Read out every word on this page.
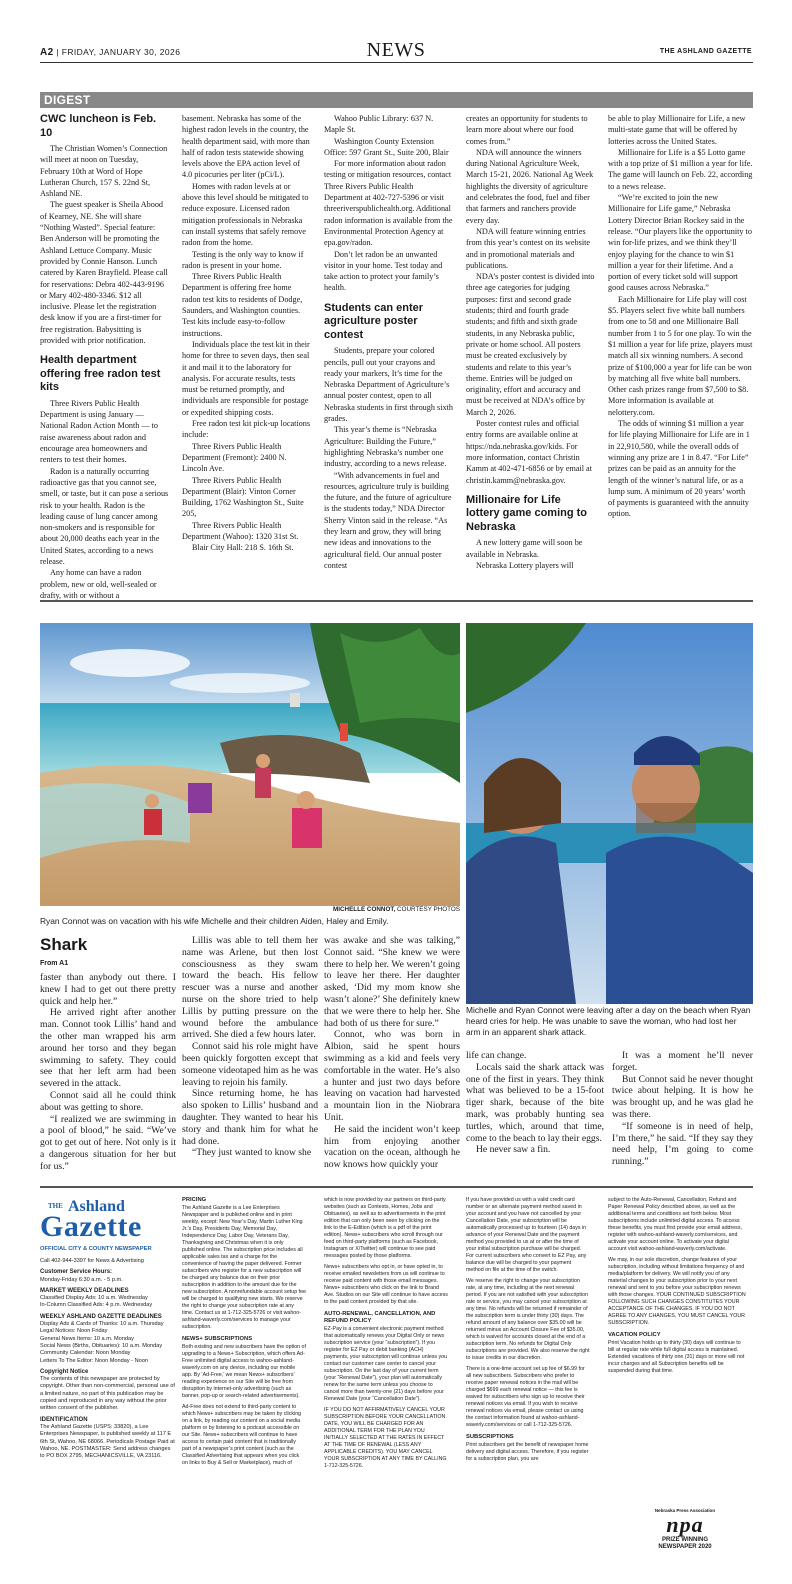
A2 | FRIDAY, JANUARY 30, 2026	NEWS	THE ASHLAND GAZETTE
DIGEST
CWC luncheon is Feb. 10

The Christian Women’s Connection will meet at noon on Tuesday, February 10th at Word of Hope Lutheran Church, 157 S. 22nd St, Ashland NE.

The guest speaker is Sheila Abood of Kearney, NE. She will share “Nothing Wasted”. Special feature: Ben Anderson will be promoting the Ashland Lettuce Company. Music provided by Connie Hanson. Lunch catered by Karen Brayfield. Please call for reservations: Debra 402-443-9196 or Mary 402-480-3346. $12 all inclusive. Please let the registration desk know if you are a first-timer for free registration. Babysitting is provided with prior notification.

Health department offering free radon test kits

Three Rivers Public Health Department is using January — National Radon Action Month — to raise awareness about radon and encourage area homeowners and renters to test their homes.

Radon is a naturally occurring radioactive gas that you cannot see, smell, or taste, but it can pose a serious risk to your health. Radon is the leading cause of lung cancer among non-smokers and is responsible for about 20,000 deaths each year in the United States, according to a news release.

Any home can have a radon problem, new or old, well-sealed or drafty, with or without a

basement. Nebraska has some of the highest radon levels in the country, the health department said, with more than half of radon tests statewide showing levels above the EPA action level of 4.0 picocuries per liter (pCi/L).

Homes with radon levels at or above this level should be mitigated to reduce exposure. Licensed radon mitigation professionals in Nebraska can install systems that safely remove radon from the home.

Testing is the only way to know if radon is present in your home.

Three Rivers Public Health Department is offering free home radon test kits to residents of Dodge, Saunders, and Washington counties. Test kits include easy-to-follow instructions.

Individuals place the test kit in their home for three to seven days, then seal it and mail it to the laboratory for analysis. For accurate results, tests must be returned promptly, and individuals are responsible for postage or expedited shipping costs.

Free radon test kit pick-up locations include:

Three Rivers Public Health Department (Fremont): 2400 N. Lincoln Ave.

Three Rivers Public Health Department (Blair): Vinton Corner Building, 1762 Washington St., Suite 205,

Three Rivers Public Health Department (Wahoo): 1320 31st St.

Blair City Hall: 218 S. 16th St.

Wahoo Public Library: 637 N. Maple St.

Washington County Extension Office: 597 Grant St., Suite 200, Blair

For more information about radon testing or mitigation resources, contact Three Rivers Public Health Department at 402-727-5396 or visit threeriverspublichealth.org. Additional radon information is available from the Environmental Protection Agency at epa.gov/radon.

Don’t let radon be an unwanted visitor in your home. Test today and take action to protect your family’s health.

Students can enter agriculture poster contest

Students, prepare your colored pencils, pull out your crayons and ready your markers, It’s time for the Nebraska Department of Agriculture’s annual poster contest, open to all Nebraska students in first through sixth grades.

This year’s theme is “Nebraska Agriculture: Building the Future,” highlighting Nebraska’s number one industry, according to a news release.

“With advancements in fuel and resources, agriculture truly is building the future, and the future of agriculture is the students today,” NDA Director Sherry Vinton said in the release. “As they learn and grow, they will bring new ideas and innovations to the agricultural field. Our annual poster contest

creates an opportunity for students to learn more about where our food comes from.”

NDA will announce the winners during National Agriculture Week, March 15-21, 2026. National Ag Week highlights the diversity of agriculture and celebrates the food, fuel and fiber that farmers and ranchers provide every day.

NDA will feature winning entries from this year’s contest on its website and in promotional materials and publications.

NDA’s poster contest is divided into three age categories for judging purposes: first and second grade students; third and fourth grade students; and fifth and sixth grade students, in any Nebraska public, private or home school. All posters must be created exclusively by students and relate to this year’s theme. Entries will be judged on originality, effort and accuracy and must be received at NDA’s office by March 2, 2026.

Poster contest rules and official entry forms are available online at https://nda.nebraska.gov/kids. For more information, contact Christin Kamm at 402-471-6856 or by email at christin.kamm@nebraska.gov.

Millionaire for Life lottery game coming to Nebraska

A new lottery game will soon be available in Nebraska.

Nebraska Lottery players will

be able to play Millionaire for Life, a new multi-state game that will be offered by lotteries across the United States.

Millionaire for Life is a $5 Lotto game with a top prize of $1 million a year for life. The game will launch on Feb. 22, according to a news release.

“We’re excited to join the new Millionaire for Life game,” Nebraska Lottery Director Brian Rockey said in the release. “Our players like the opportunity to win for-life prizes, and we think they’ll enjoy playing for the chance to win $1 million a year for their lifetime. And a portion of every ticket sold will support good causes across Nebraska.”

Each Millionaire for Life play will cost $5. Players select five white ball numbers from one to 58 and one Millionaire Ball number from 1 to 5 for one play. To win the $1 million a year for life prize, players must match all six winning numbers. A second prize of $100,000 a year for life can be won by matching all five white ball numbers. Other cash prizes range from $7,500 to $8. More information is available at nelottery.com.

The odds of winning $1 million a year for life playing Millionaire for Life are in 1 in 22,910,580, while the overall odds of winning any prize are 1 in 8.47. “For Life” prizes can be paid as an annuity for the length of the winner’s natural life, or as a lump sum. A minimum of 20 years’ worth of payments is guaranteed with the annuity option.

MICHELLE CONNOT, COURTESY PHOTOS
Ryan Connot was on vacation with his wife Michelle and their children Aiden, Haley and Emily.
Michelle and Ryan Connot were leaving after a day on the beach when Ryan heard cries for help. He was unable to save the woman, who had lost her arm in an apparent shark attack.
Shark
From A1

faster than anybody out there. I knew I had to get out there pretty quick and help her.”

He arrived right after another man. Connot took Lillis’ hand and the other man wrapped his arm around her torso and they began swimming to safety. They could see that her left arm had been severed in the attack.

Connot said all he could think about was getting to shore.

“I realized we are swimming in a pool of blood,” he said. “We’ve got to get out of here. Not only is it a dangerous situation for her but for us.”

Lillis was able to tell them her name was Arlene, but then lost consciousness as they swam toward the beach. His fellow rescuer was a nurse and another nurse on the shore tried to help Lillis by putting pressure on the wound before the ambulance arrived. She died a few hours later.

Connot said his role might have been quickly forgotten except that someone videotaped him as he was leaving to rejoin his family.

Since returning home, he has also spoken to Lillis’ husband and daughter. They wanted to hear his story and thank him for what he had done.

“They just wanted to know she

was awake and she was talking,” Connot said. “She knew we were there to help her. We weren’t going to leave her there. Her daughter asked, ‘Did my mom know she wasn’t alone?’ She definitely knew that we were there to help her. She had both of us there for sure.”

Connot, who was born in Albion, said he spent hours swimming as a kid and feels very comfortable in the water. He’s also a hunter and just two days before leaving on vacation had harvested a mountain lion in the Niobrara Unit.

He said the incident won’t keep him from enjoying another vacation on the ocean, although he now knows how quickly your

life can change.

Locals said the shark attack was one of the first in years. They think what was believed to be a 15-foot tiger shark, because of the bite mark, was probably hunting sea turtles, which, around that time, come to the beach to lay their eggs.

He never saw a fin.

It was a moment he’ll never forget.

But Connot said he never thought twice about helping. It is how he was brought up, and he was glad he was there.

“If someone is in need of help, I’m there,” he said. “If they say they need help, I’m going to come running.”

THE Ashland
Gazette
OFFICIAL CITY & COUNTY NEWSPAPER
Call 402-944-3397 for News & Advertising
Customer Service Hours:
Monday-Friday 6:30 a.m. - 5 p.m.
MARKET WEEKLY DEADLINES
Classified Display Ads: 10 a.m. Wednesday
In-Column Classified Ads: 4 p.m. Wednesday
WEEKLY ASHLAND GAZETTE DEADLINES
Display Ads & Cards of Thanks: 10 a.m. Thursday
Legal Notices: Noon Friday
General News Items: 10 a.m. Monday
Social News (Births, Obituaries): 10 a.m. Monday
Community Calendar: Noon Monday
Letters To The Editor: Noon Monday - Noon
Copyright Notice
The contents of this newspaper are protected by copyright. Other than non-commercial, personal use of a limited nature, no part of this publication may be copied and reproduced in any way without the prior written consent of the publisher.
IDENTIFICATION
The Ashland Gazette (USPS: 33820), a Lee Enterprises Newspaper, is published weekly at 117 E 6th St, Wahoo, NE 68066. Periodicals Postage Paid at Wahoo, NE. POSTMASTER: Send address changes to PO BOX 2795, MECHANICSVILLE, VA 23116.
PRICING

The Ashland Gazette is a Lee Enterprises Newspaper and is published online and in print weekly, except: New Year’s Day, Martin Luther King Jr.’s Day, Presidents Day, Memorial Day, Independence Day, Labor Day, Veterans Day, Thanksgiving and Christmas when it is only published online. The subscription price includes all applicable sales tax and a charge for the convenience of having the paper delivered. Former subscribers who register for a new subscription will be charged any balance due on their prior subscription in addition to the amount due for the new subscription. A nonrefundable account setup fee will be charged to qualifying new starts. We reserve the right to change your subscription rate at any time. Contact us at 1-712-325-5726 or visit wahoo-ashland-waverly.com/services to manage your subscription.

NEWS+ SUBSCRIPTIONS

Both existing and new subscribers have the option of upgrading to a News+ Subscription, which offers Ad-Free unlimited digital access to wahoo-ashland-waverly.com on any device, including our mobile app. By ‘Ad-Free,’ we mean News+ subscribers’ reading experience on our Site will be free from disruption by internet-only advertising (such as banner, pop-up or search-related advertisements).

Ad-Free does not extend to third-party content to which News+ subscribers may be taken by clicking on a link, by reading our content on a social media platform or by listening to a podcast accessible on our Site. News+ subscribers will continue to have access to certain paid content that is traditionally part of a newspaper’s print content (such as the Classified Advertising that appears when you click on links to Buy & Sell or Marketplace), much of

which is now provided by our partners on third-party websites (such as Contests, Homes, Jobs and Obituaries), as well as to advertisements in the print edition that can only been seen by clicking on the link to the E-Edition (which is a pdf of the print edition). News+ subscribers who scroll through our feed on third-party platforms (such as Facebook, Instagram or X/Twitter) will continue to see paid messages posted by those platforms.

News+ subscribers who opt in, or have opted in, to receive emailed newsletters from us will continue to receive paid content with those email messages. News+ subscribers who click on the link to Brand Ave. Studios on our Site will continue to have access to the paid content provided by that site.

AUTO-RENEWAL, CANCELLATION, AND REFUND POLICY

EZ-Pay is a convenient electronic payment method that automatically renews your Digital Only or news subscription service (your “subscription”). If you register for EZ Pay or debit banking (ACH) payments, your subscription will continue unless you contact our customer care center to cancel your subscription. On the last day of your current term (your “Renewal Date”), your plan will automatically renew for the same term unless you choose to cancel more than twenty-one (21) days before your Renewal Date (your “Cancellation Date”).

IF YOU DO NOT AFFIRMATIVELY CANCEL YOUR SUBSCRIPTION BEFORE YOUR CANCELLATION DATE, YOU WILL BE CHARGED FOR AN ADDITIONAL TERM FOR THE PLAN YOU INITIALLY SELECTED AT THE RATES IN EFFECT AT THE TIME OF RENEWAL (LESS ANY APPLICABLE CREDITS). YOU MAY CANCEL YOUR SUBSCRIPTION AT ANY TIME BY CALLING 1-712-325-5726.

If you have provided us with a valid credit card number or an alternate payment method saved in your account and you have not cancelled by your Cancellation Date, your subscription will be automatically processed up to fourteen (14) days in advance of your Renewal Date and the payment method you provided to us at or after the time of your initial subscription purchase will be charged. For current subscribers who convert to EZ Pay, any balance due will be charged to your payment method on file at the time of the switch.

We reserve the right to change your subscription rate, at any time, including at the next renewal period. If you are not satisfied with your subscription rate or service, you may cancel your subscription at any time. No refunds will be returned if remainder of the subscription term is under thirty (30) days. The refund amount of any balance over $35.00 will be returned minus an Account Closure Fee of $35.00, which is waived for accounts closed at the end of a subscription term. No refunds for Digital Only subscriptions are provided. We also reserve the right to issue credits in our discretion.

There is a one-time account set up fee of $6.99 for all new subscribers. Subscribers who prefer to receive paper renewal notices in the mail will be charged $699 each renewal notice — this fee is waived for subscribers who sign up to receive their renewal notices via email. If you wish to receive renewal notices via email, please contact us using the contact information found at wahoo-ashland-waverly.com/services or call 1-712-325-5726.

SUBSCRIPTIONS

Print subscribers get the benefit of newspaper home delivery and digital access. Therefore, if you register for a subscription plan, you are

subject to the Auto-Renewal, Cancellation, Refund and Paper Renewal Policy described above, as well as the additional terms and conditions set forth below. Most subscriptions include unlimited digital access. To access these benefits, you must first provide your email address, register with wahoo-ashland-waverly.com/services, and activate your account online. To activate your digital account visit wahoo-ashland-waverly.com/activate.

We may, in our sole discretion, change features of your subscription, including without limitations frequency of and media/platform for delivery. We will notify you of any material changes to your subscription prior to your next renewal and sent to you before your subscription renews with those changes. YOUR CONTINUED SUBSCRIPTION FOLLOWING SUCH CHANGES CONSTITUTES YOUR ACCEPTANCE OF THE CHANGES. IF YOU DO NOT AGREE TO ANY CHANGES, YOU MUST CANCEL YOUR SUBSCRIPTION.

VACATION POLICY

Print Vacation holds up to thirty (30) days will continue to bill at regular rate while full digital access is maintained. Extended vacations of thirty one (31) days or more will not incur charges and all Subscription benefits will be suspended during that time.

Nebraska Press Association
npa
PRIZE WINNING
NEWSPAPER 2020
